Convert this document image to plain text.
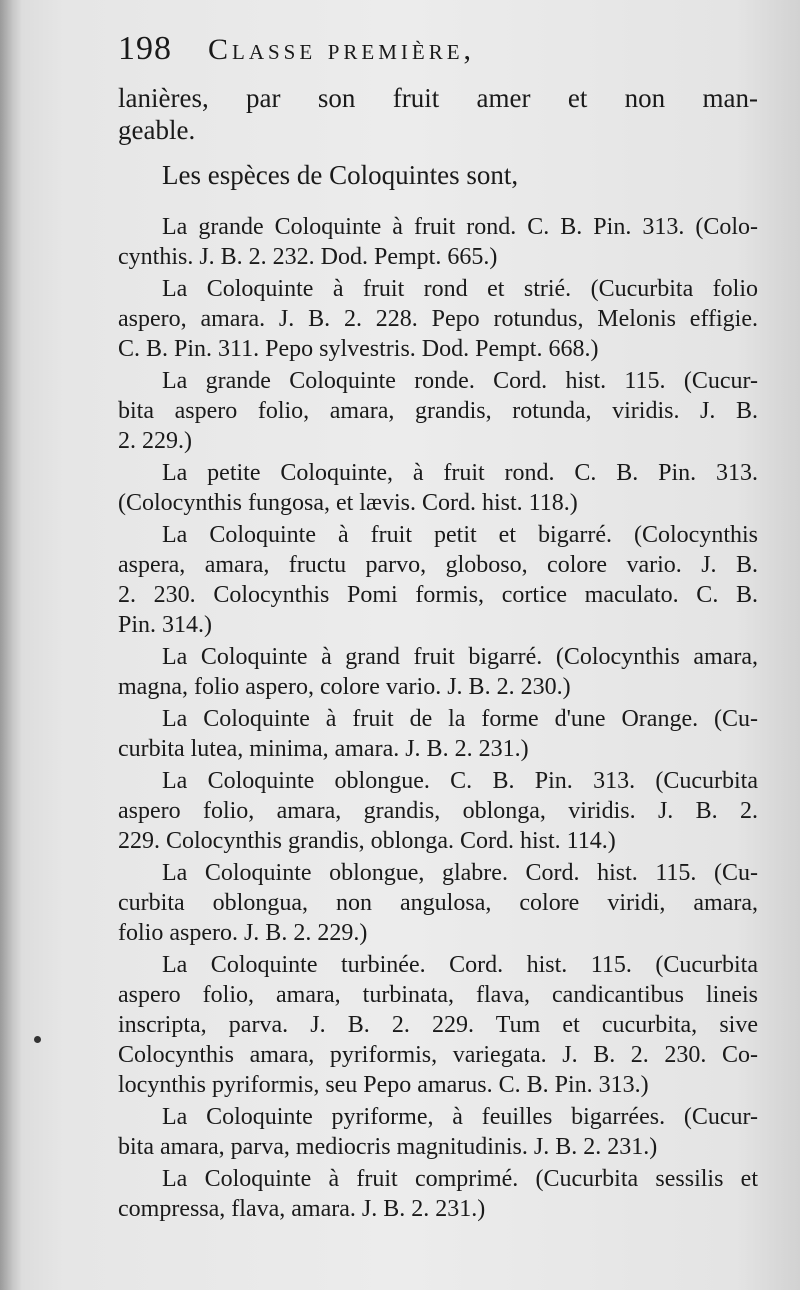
198	Classe première,
lanières, par son fruit amer et non man-
geable.
Les espèces de Coloquintes sont,
La grande Coloquinte à fruit rond. C. B. Pin. 313. (Colo-
cynthis. J. B. 2. 232. Dod. Pempt. 665.)
La Coloquinte à fruit rond et strié. (Cucurbita folio
aspero, amara. J. B. 2. 228. Pepo rotundus, Melonis effigie.
C. B. Pin. 311. Pepo sylvestris. Dod. Pempt. 668.)
La grande Coloquinte ronde. Cord. hist. 115. (Cucur-
bita aspero folio, amara, grandis, rotunda, viridis. J. B.
2. 229.)
La petite Coloquinte, à fruit rond. C. B. Pin. 313.
(Colocynthis fungosa, et lævis. Cord. hist. 118.)
La Coloquinte à fruit petit et bigarré. (Colocynthis
aspera, amara, fructu parvo, globoso, colore vario. J. B.
2. 230. Colocynthis Pomi formis, cortice maculato. C. B.
Pin. 314.)
La Coloquinte à grand fruit bigarré. (Colocynthis amara,
magna, folio aspero, colore vario. J. B. 2. 230.)
La Coloquinte à fruit de la forme d'une Orange. (Cu-
curbita lutea, minima, amara. J. B. 2. 231.)
La Coloquinte oblongue. C. B. Pin. 313. (Cucurbita
aspero folio, amara, grandis, oblonga, viridis. J. B. 2.
229. Colocynthis grandis, oblonga. Cord. hist. 114.)
La Coloquinte oblongue, glabre. Cord. hist. 115. (Cu-
curbita oblongua, non angulosa, colore viridi, amara,
folio aspero. J. B. 2. 229.)
La Coloquinte turbinée. Cord. hist. 115. (Cucurbita
aspero folio, amara, turbinata, flava, candicantibus lineis
inscripta, parva. J. B. 2. 229. Tum et cucurbita, sive
Colocynthis amara, pyriformis, variegata. J. B. 2. 230. Co-
locynthis pyriformis, seu Pepo amarus. C. B. Pin. 313.)
La Coloquinte pyriforme, à feuilles bigarrées. (Cucur-
bita amara, parva, mediocris magnitudinis. J. B. 2. 231.)
La Coloquinte à fruit comprimé. (Cucurbita sessilis et
compressa, flava, amara. J. B. 2. 231.)
